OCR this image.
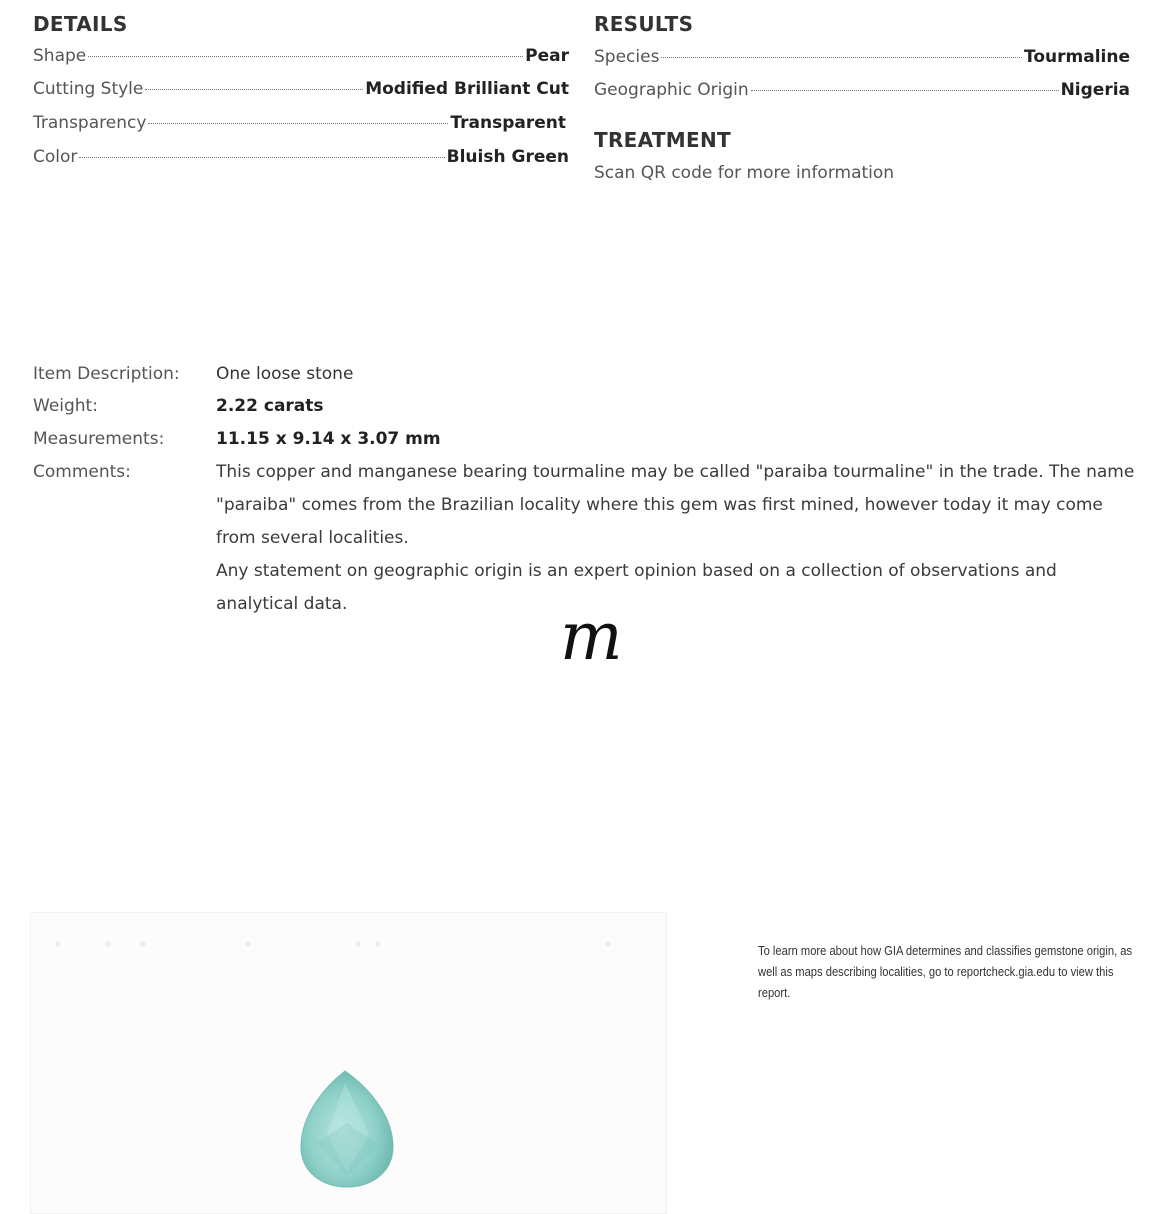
DETAILS
Shape	Pear
Cutting Style	Modified Brilliant Cut
Transparency	Transparent
Color	Bluish Green
RESULTS
Species	Tourmaline
Geographic Origin	Nigeria
TREATMENT
Scan QR code for more information
Item Description: One loose stone
Weight:	2.22 carats
Measurements:	11.15 x 9.14 x 3.07 mm
Comments:	This copper and manganese bearing tourmaline may be called "paraiba tourmaline" in the trade. The name "paraiba" comes from the Brazilian locality where this gem was first mined, however today it may come from several localities.

Any statement on geographic origin is an expert opinion based on a collection of observations and analytical data.	m
To learn more about how GIA determines and classifies gemstone origin, as well as maps describing localities, go to reportcheck.gia.edu to view this report.
